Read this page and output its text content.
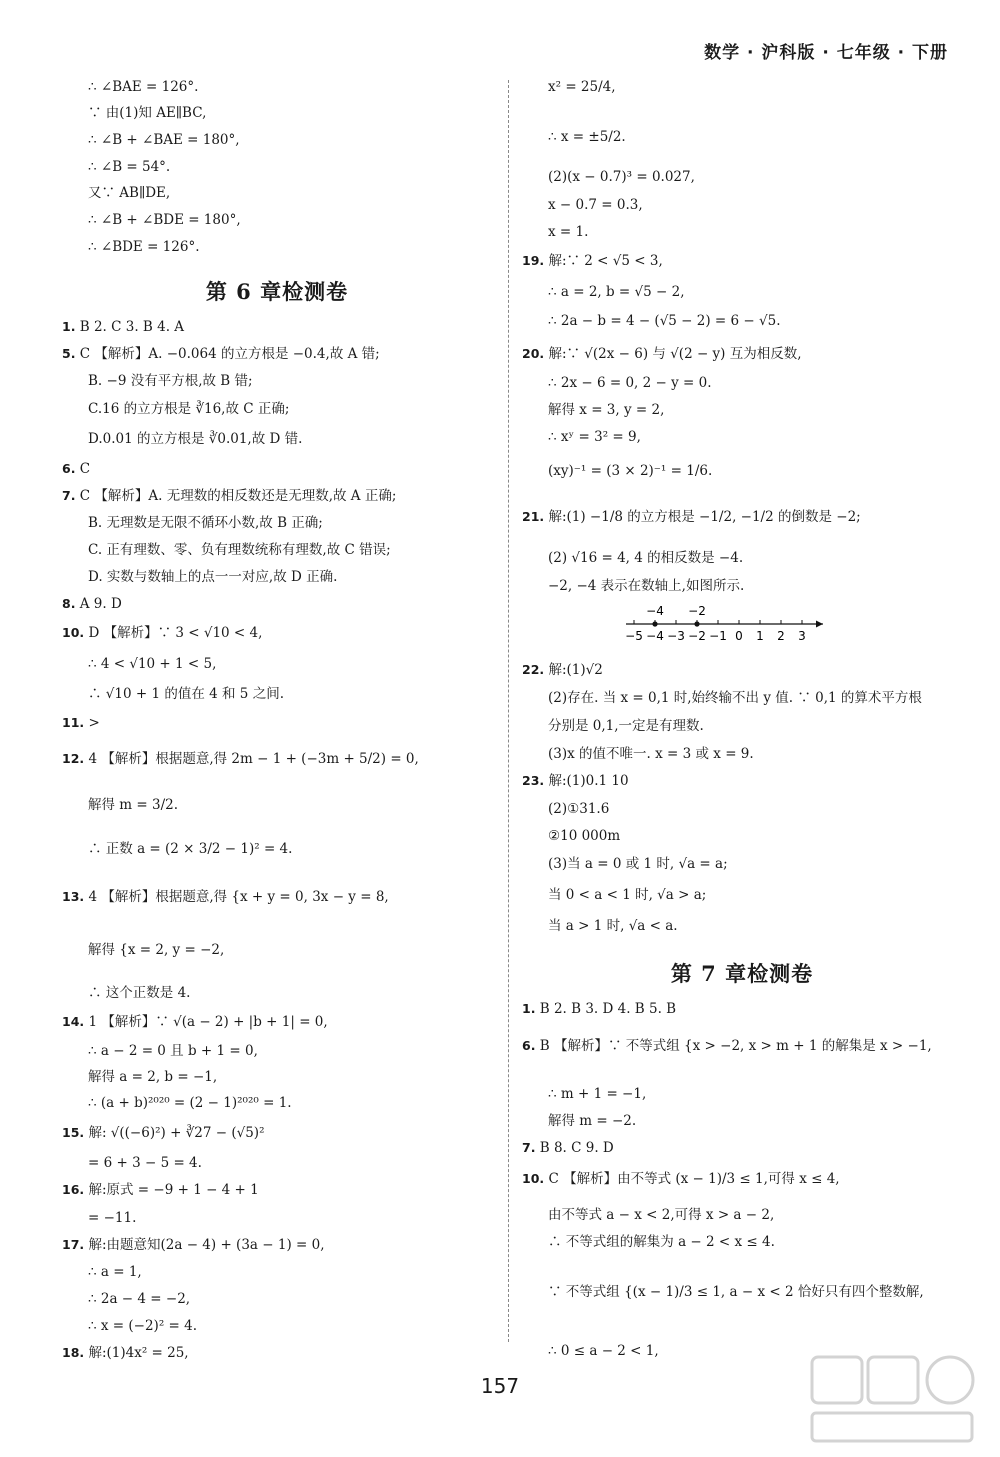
数学 · 沪科版 · 七年级 · 下册
∴ ∠BAE = 126°.
∵ 由(1)知 AE∥BC,
∴ ∠B + ∠BAE = 180°,
∴ ∠B = 54°.
又∵ AB∥DE,
∴ ∠B + ∠BDE = 180°,
∴ ∠BDE = 126°.
第 6 章检测卷
1. B 2. C 3. B 4. A
5. C 【解析】A. −0.064 的立方根是 −0.4,故 A 错;
B. −9 没有平方根,故 B 错;
C.16 的立方根是 ∛16,故 C 正确;
D.0.01 的立方根是 ∛0.01,故 D 错.
6. C
7. C 【解析】A. 无理数的相反数还是无理数,故 A 正确;
B. 无理数是无限不循环小数,故 B 正确;
C. 正有理数、零、负有理数统称有理数,故 C 错误;
D. 实数与数轴上的点一一对应,故 D 正确.
8. A 9. D
10. D 【解析】∵ 3 < √10 < 4,
∴ 4 < √10 + 1 < 5,
∴ √10 + 1 的值在 4 和 5 之间.
11. >
12. 4 【解析】根据题意,得 2m − 1 + (−3m + 5/2) = 0,
解得 m = 3/2.
∴ 正数 a = (2 × 3/2 − 1)² = 4.
13. 4 【解析】根据题意,得 {x + y = 0, 3x − y = 8,
解得 {x = 2, y = −2,
∴ 这个正数是 4.
14. 1 【解析】∵ √(a − 2) + |b + 1| = 0,
∴ a − 2 = 0 且 b + 1 = 0,
解得 a = 2, b = −1,
∴ (a + b)²⁰²⁰ = (2 − 1)²⁰²⁰ = 1.
15. 解: √((−6)²) + ∛27 − (√5)²
= 6 + 3 − 5 = 4.
16. 解:原式 = −9 + 1 − 4 + 1
= −11.
17. 解:由题意知(2a − 4) + (3a − 1) = 0,
∴ a = 1,
∴ 2a − 4 = −2,
∴ x = (−2)² = 4.
18. 解:(1)4x² = 25,
x² = 25/4,
∴ x = ±5/2.
(2)(x − 0.7)³ = 0.027,
x − 0.7 = 0.3,
x = 1.
19. 解:∵ 2 < √5 < 3,
∴ a = 2, b = √5 − 2,
∴ 2a − b = 4 − (√5 − 2) = 6 − √5.
20. 解:∵ √(2x − 6) 与 √(2 − y) 互为相反数,
∴ 2x − 6 = 0, 2 − y = 0.
解得 x = 3, y = 2,
∴ xʸ = 3² = 9,
(xy)⁻¹ = (3 × 2)⁻¹ = 1/6.
21. 解:(1) −1/8 的立方根是 −1/2, −1/2 的倒数是 −2;
(2) √16 = 4, 4 的相反数是 −4.
−2, −4 表示在数轴上,如图所示.
−5 −4 −3 −2 −1 0 1 2 3
−4 −2
22. 解:(1)√2
(2)存在. 当 x = 0,1 时,始终输不出 y 值. ∵ 0,1 的算术平方根
分别是 0,1,一定是有理数.
(3)x 的值不唯一. x = 3 或 x = 9.
23. 解:(1)0.1 10
(2)①31.6
②10 000m
(3)当 a = 0 或 1 时, √a = a;
当 0 < a < 1 时, √a > a;
当 a > 1 时, √a < a.
第 7 章检测卷
1. B 2. B 3. D 4. B 5. B
6. B 【解析】∵ 不等式组 {x > −2, x > m + 1 的解集是 x > −1,
∴ m + 1 = −1,
解得 m = −2.
7. B 8. C 9. D
10. C 【解析】由不等式 (x − 1)/3 ≤ 1,可得 x ≤ 4,
由不等式 a − x < 2,可得 x > a − 2,
∴ 不等式组的解集为 a − 2 < x ≤ 4.
∵ 不等式组 {(x − 1)/3 ≤ 1, a − x < 2 恰好只有四个整数解,
∴ 0 ≤ a − 2 < 1,
157
